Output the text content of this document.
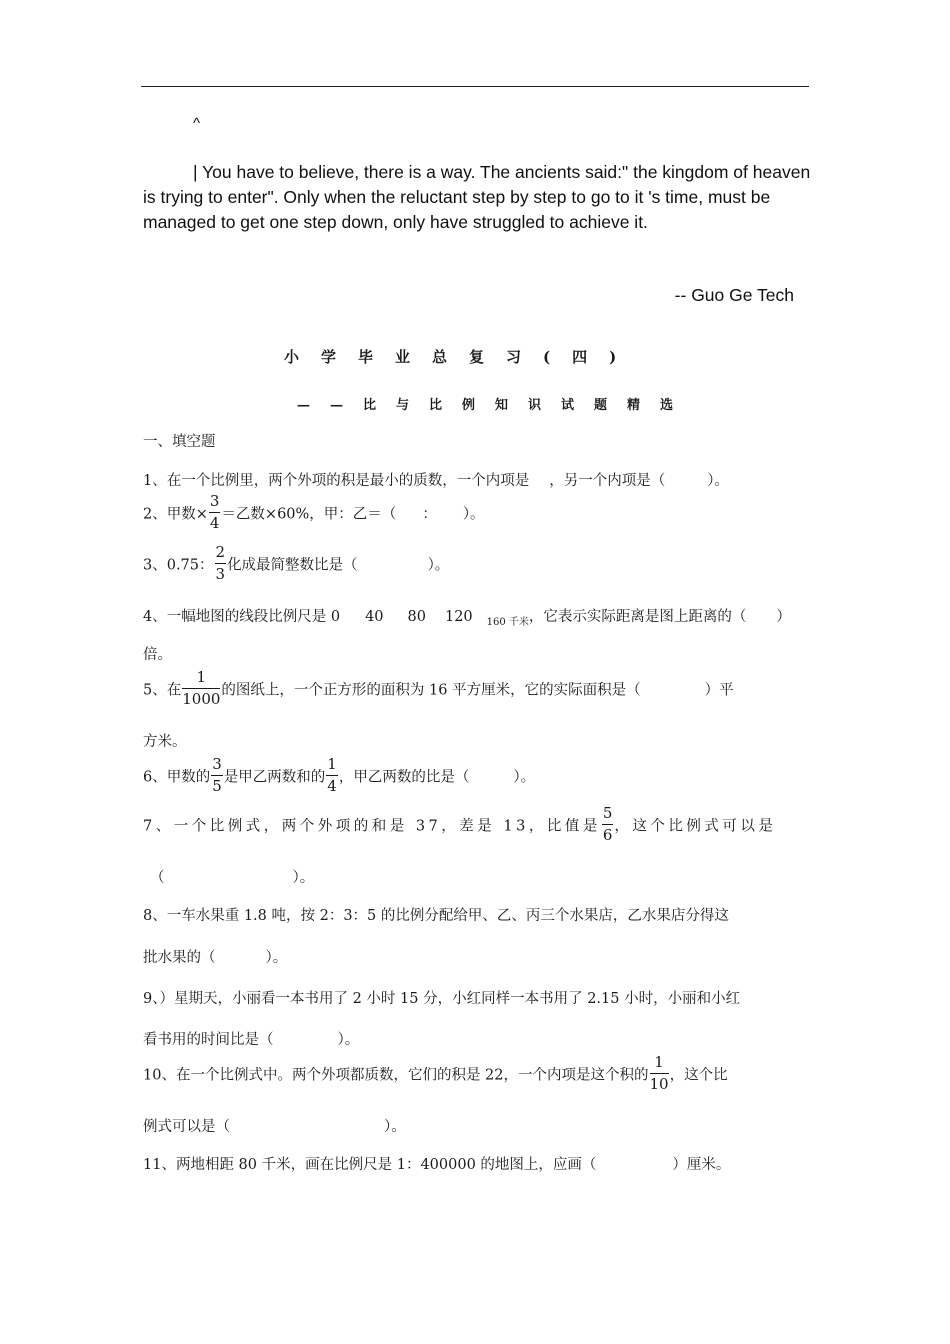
^
| You have to believe, there is a way. The ancients said:" the kingdom of heaven is trying to enter". Only when the reluctant step by step to go to it 's time, must be managed to get one step down, only have struggled to achieve it.
-- Guo Ge Tech
小学毕业总复习(四)
——比与比例知识试题精选
一、填空题
1、在一个比例里，两个外项的积是最小的质数，一个内项是 ，另一个内项是（	）。
2、甲数× $\frac{3}{4}$ ＝乙数×60%，甲：乙＝（ ： ）。
3、0.75： $\frac{2}{3}$ 化成最简整数比是（	）。
4、一幅地图的线段比例尺是 0 40 80 120 $_{160 千米}$，它表示实际距离是图上距离的（ ）
倍。
5、在 $\frac{1}{1000}$ 的图纸上，一个正方形的面积为 16 平方厘米，它的实际面积是（	）平
方米。
6、甲数的 $\frac{3}{5}$ 是甲乙两数和的 $\frac{1}{4}$ ，甲乙两数的比是（	）。
7、一个比例式，两个外项的和是 37，差是 13，比值是 $\frac{5}{6}$ ，这个比例式可以是
（	）。
8、一车水果重 1.8 吨，按 2：3：5 的比例分配给甲、乙、丙三个水果店，乙水果店分得这
批水果的（	）。
9、）星期天，小丽看一本书用了 2 小时 15 分，小红同样一本书用了 2.15 小时，小丽和小红
看书用的时间比是（	）。
10、在一个比例式中。两个外项都质数，它们的积是 22，一个内项是这个积的 $\frac{1}{10}$ ，这个比
例式可以是（	）。
11、两地相距 80 千米，画在比例尺是 1：400000 的地图上，应画（	）厘米。
